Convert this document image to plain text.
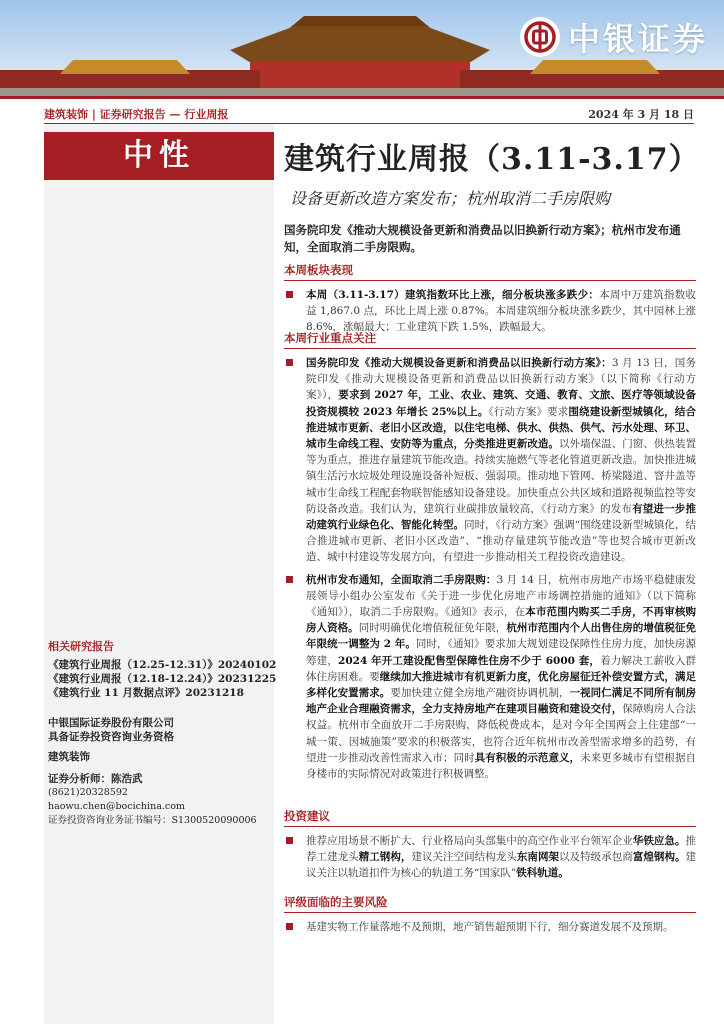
中银证券
建筑装饰 | 证券研究报告 — 行业周报	2024 年 3 月 18 日
中性
相关研究报告
《建筑行业周报（12.25-12.31）》20240102
《建筑行业周报（12.18-12.24）》20231225
《建筑行业 11 月数据点评》20231218
中银国际证券股份有限公司
具备证券投资咨询业务资格
建筑装饰
证券分析师：陈浩武
(8621)20328592
haowu.chen@bocichina.com
证券投资咨询业务证书编号：S1300520090006
建筑行业周报（3.11-3.17）
设备更新改造方案发布；杭州取消二手房限购
国务院印发《推动大规模设备更新和消费品以旧换新行动方案》；杭州市发布通知，全面取消二手房限购。
本周板块表现
本周（3.11-3.17）建筑指数环比上涨，细分板块涨多跌少：本周中万建筑指数收益 1,867.0 点，环比上周上涨 0.87%。本周建筑细分板块涨多跌少，其中园林上涨 8.6%，涨幅最大；工业建筑下跌 1.5%，跌幅最大。
本周行业重点关注
国务院印发《推动大规模设备更新和消费品以旧换新行动方案》：3 月 13 日，国务院印发《推动大规模设备更新和消费品以旧换新行动方案》（以下简称《行动方案》），要求到 2027 年，工业、农业、建筑、交通、教育、文旅、医疗等领域设备投资规模较 2023 年增长 25%以上。《行动方案》要求围绕建设新型城镇化，结合推进城市更新、老旧小区改造，以住宅电梯、供水、供热、供气、污水处理、环卫、城市生命线工程、安防等为重点，分类推进更新改造。以外墙保温、门窗、供热装置等为重点，推进存量建筑节能改造。持续实施燃气等老化管道更新改造。加快推进城镇生活污水垃圾处理设施设备补短板、强弱项。推动地下管网、桥梁隧道、窨井盖等城市生命线工程配套物联智能感知设备建设。加快重点公共区域和道路视频监控等安防设备改造。我们认为，建筑行业碳排放量较高，《行动方案》的发布有望进一步推动建筑行业绿色化、智能化转型。同时，《行动方案》强调“围绕建设新型城镇化，结合推进城市更新、老旧小区改造”、“推动存量建筑节能改造”等也契合城市更新改造、城中村建设等发展方向，有望进一步推动相关工程投资改造建设。
杭州市发布通知，全面取消二手房限购：3 月 14 日，杭州市房地产市场平稳健康发展领导小组办公室发布《关于进一步优化房地产市场调控措施的通知》（以下简称《通知》），取消二手房限购。《通知》表示，在本市范围内购买二手房，不再审核购房人资格。同时明确优化增值税征免年限，杭州市范围内个人出售住房的增值税征免年限统一调整为 2 年。同时，《通知》要求加大规划建设保障性住房力度，加快房源筹建，2024 年开工建设配售型保障性住房不少于 6000 套，着力解决工薪收入群体住房困难。要继续加大推进城市有机更新力度，优化房屋征迁补偿安置方式，满足多样化安置需求。要加快建立健全房地产融资协调机制，一视同仁满足不同所有制房地产企业合理融资需求，全力支持房地产在建项目融资和建设交付，保障购房人合法权益。杭州市全面放开二手房限购，降低税费成本，是对今年全国两会上住建部“一城一策、因城施策”要求的积极落实，也符合近年杭州市改善型需求增多的趋势，有望进一步推动改善性需求入市；同时具有积极的示范意义，未来更多城市有望根据自身楼市的实际情况对政策进行积极调整。
投资建议
推荐应用场景不断扩大、行业格局向头部集中的高空作业平台领军企业华铁应急。推荐工建龙头精工钢构，建议关注空间结构龙头东南网架以及特级承包商富煌钢构。建议关注以轨道扣件为核心的轨道工务“国家队”铁科轨道。
评级面临的主要风险
基建实物工作量落地不及预期，地产销售超预期下行，细分赛道发展不及预期。
